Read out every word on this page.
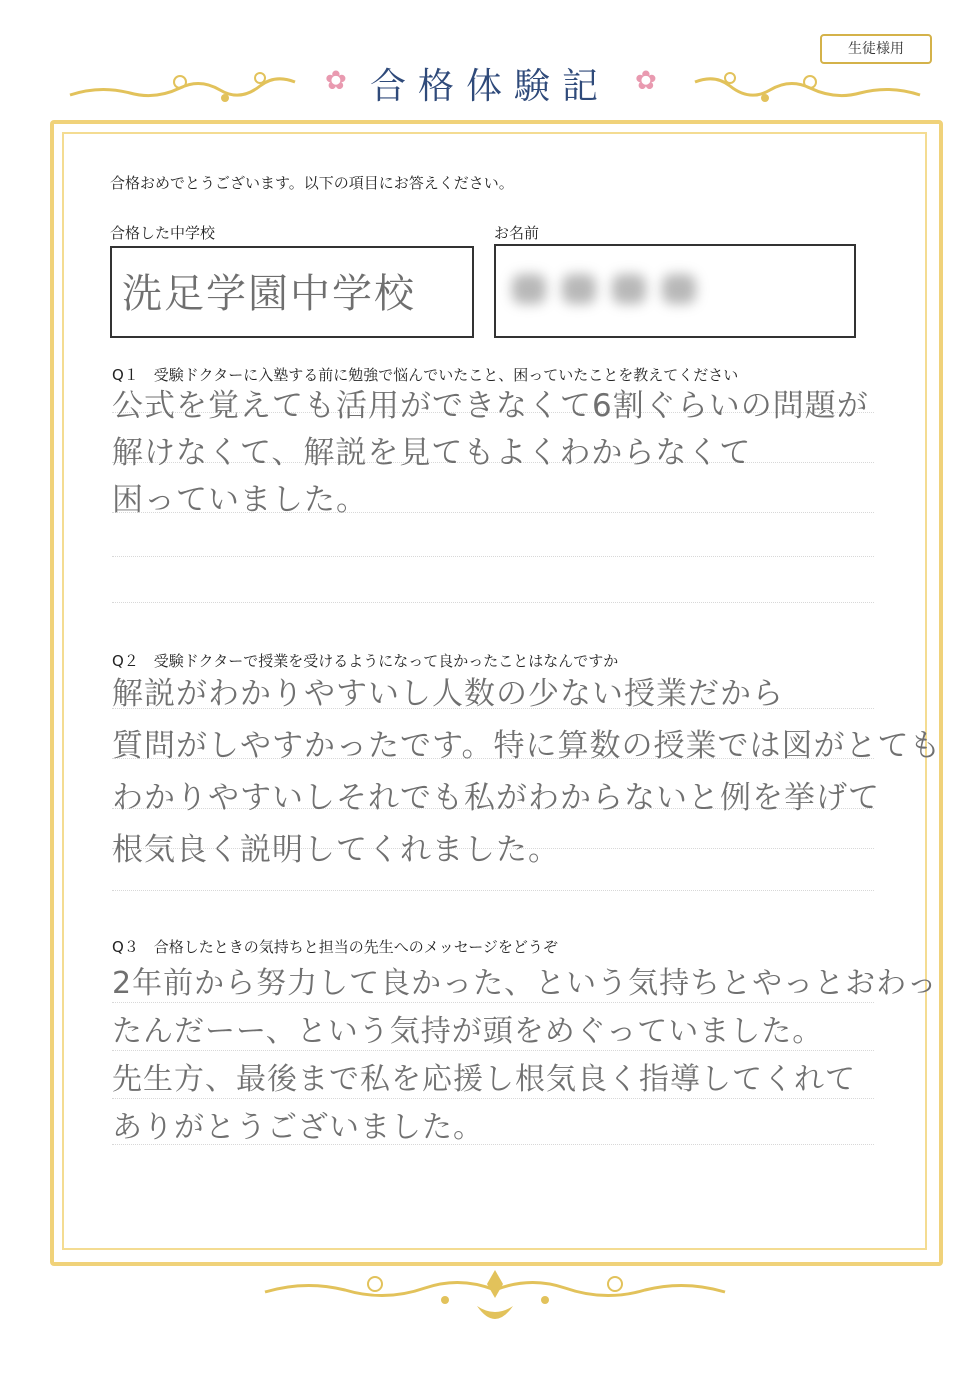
生徒様用
✿	✿
合格体験記
合格おめでとうございます。以下の項目にお答えください。
合格した中学校
洗足学園中学校
お名前
Q１　受験ドクターに入塾する前に勉強で悩んでいたこと、困っていたことを教えてください
公式を覚えても活用ができなくて6割ぐらいの問題が
解けなくて、解説を見てもよくわからなくて
困っていました。
Q２　受験ドクターで授業を受けるようになって良かったことはなんですか
解説がわかりやすいし人数の少ない授業だから
質問がしやすかったです。特に算数の授業では図がとても
わかりやすいしそれでも私がわからないと例を挙げて
根気良く説明してくれました。
Q３　合格したときの気持ちと担当の先生へのメッセージをどうぞ
2年前から努力して良かった、という気持ちとやっとおわっ
たんだーー、という気持が頭をめぐっていました。
先生方、最後まで私を応援し根気良く指導してくれて
ありがとうございました。
